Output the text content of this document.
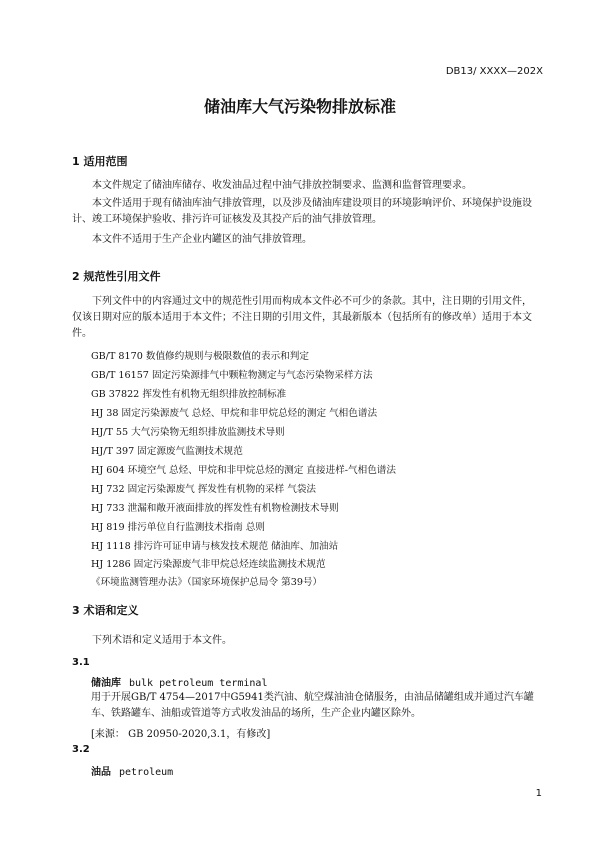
DB13/ XXXX—202X
储油库大气污染物排放标准
1 适用范围
本文件规定了储油库储存、收发油品过程中油气排放控制要求、监测和监督管理要求。
本文件适用于现有储油库油气排放管理，以及涉及储油库建设项目的环境影响评价、环境保护设施设计、竣工环境保护验收、排污许可证核发及其投产后的油气排放管理。
本文件不适用于生产企业内罐区的油气排放管理。
2 规范性引用文件
下列文件中的内容通过文中的规范性引用而构成本文件必不可少的条款。其中，注日期的引用文件，仅该日期对应的版本适用于本文件；不注日期的引用文件，其最新版本（包括所有的修改单）适用于本文件。
GB/T 8170 数值修约规则与极限数值的表示和判定
GB/T 16157 固定污染源排气中颗粒物测定与气态污染物采样方法
GB 37822 挥发性有机物无组织排放控制标准
HJ 38 固定污染源废气 总烃、甲烷和非甲烷总烃的测定 气相色谱法
HJ/T 55 大气污染物无组织排放监测技术导则
HJ/T 397 固定源废气监测技术规范
HJ 604 环境空气 总烃、甲烷和非甲烷总烃的测定 直接进样-气相色谱法
HJ 732 固定污染源废气 挥发性有机物的采样 气袋法
HJ 733 泄漏和敞开液面排放的挥发性有机物检测技术导则
HJ 819 排污单位自行监测技术指南 总则
HJ 1118 排污许可证申请与核发技术规范 储油库、加油站
HJ 1286 固定污染源废气非甲烷总烃连续监测技术规范
《环境监测管理办法》（国家环境保护总局令 第39号）
3 术语和定义
下列术语和定义适用于本文件。
3.1
储油库 bulk petroleum terminal
用于开展GB/T 4754—2017中G5941类汽油、航空煤油油仓储服务，由油品储罐组成并通过汽车罐车、铁路罐车、油船或管道等方式收发油品的场所，生产企业内罐区除外。
[来源： GB 20950-2020,3.1，有修改]
3.2
油品 petroleum
1
